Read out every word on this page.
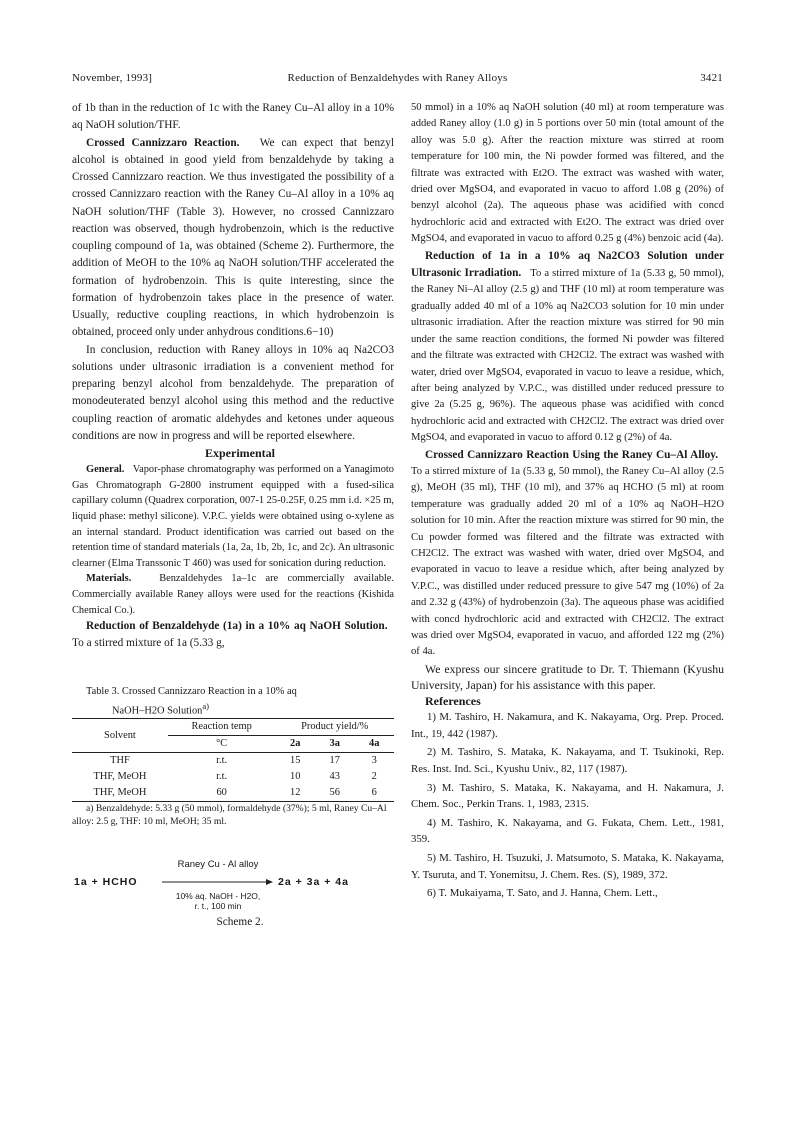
Reduction of Benzaldehydes with Raney Alloys
November, 1993]	3421

of 1b than in the reduction of 1c with the Raney Cu–Al alloy in a 10% aq NaOH solution/THF.

Crossed Cannizzaro Reaction. We can expect that benzyl alcohol is obtained in good yield from benzaldehyde by taking a Crossed Cannizzaro reaction. We thus investigated the possibility of a crossed Cannizzaro reaction with the Raney Cu–Al alloy in a 10% aq NaOH solution/THF (Table 3). However, no crossed Cannizzaro reaction was observed, though hydrobenzoin, which is the reductive coupling compound of 1a, was obtained (Scheme 2). Furthermore, the addition of MeOH to the 10% aq NaOH solution/THF accelerated the formation of hydrobenzoin. This is quite interesting, since the formation of hydrobenzoin takes place in the presence of water. Usually, reductive coupling reactions, in which hydrobenzoin is obtained, proceed only under anhydrous conditions.6−10)

In conclusion, reduction with Raney alloys in 10% aq Na2CO3 solutions under ultrasonic irradiation is a convenient method for preparing benzyl alcohol from benzaldehyde. The preparation of monodeuterated benzyl alcohol using this method and the reductive coupling reaction of aromatic aldehydes and ketones under aqueous conditions are now in progress and will be reported elsewhere.

Experimental

General. Vapor-phase chromatography was performed on a Yanagimoto Gas Chromatograph G-2800 instrument equipped with a fused-silica capillary column (Quadrex corporation, 007-1 25-0.25F, 0.25 mm i.d. ×25 m, liquid phase: methyl silicone). V.P.C. yields were obtained using o-xylene as an internal standard. Product identification was carried out based on the retention time of standard materials (1a, 2a, 1b, 2b, 1c, and 2c). An ultrasonic clearner (Elma Transsonic T 460) was used for sonication during reduction.

Materials.	Benzaldehydes 1a–1c are commercially available. Commercially available Raney alloys were used for the reactions (Kishida Chemical Co.).

Reduction of Benzaldehyde (1a) in a 10% aq NaOH Solution.   To a stirred mixture of 1a (5.33 g,

Table 3. Crossed Cannizzaro Reaction in a 10% aq
NaOH–H2O Solution$^{a)}$

Solvent	Reaction temp	Product yield/%		
	°C	2a	3a	4a
THF	r.t.	15	17	3
THF, MeOH	r.t.	10	43	2
THF, MeOH	60	12	56	6

a) Benzaldehyde: 5.33 g (50 mmol), formaldehyde (37%); 5 ml, Raney Cu–Al alloy: 2.5 g, THF: 10 ml, MeOH; 35 ml.

1a + HCHO
Raney Cu - Al alloy
10% aq. NaOH - H2O,
r. t., 100 min
2a + 3a + 4a

Scheme 2.

50 mmol) in a 10% aq NaOH solution (40 ml) at room temperature was added Raney alloy (1.0 g) in 5 portions over 50 min (total amount of the alloy was 5.0 g). After the reaction mixture was stirred at room temperature for 100 min, the Ni powder formed was filtered, and the filtrate was extracted with Et2O. The extract was washed with water, dried over MgSO4, and evaporated in vacuo to afford 1.08 g (20%) of benzyl alcohol (2a). The aqueous phase was acidified with concd hydrochloric acid and extracted with Et2O. The extract was dried over MgSO4, and evaporated in vacuo to afford 0.25 g (4%) benzoic acid (4a).

Reduction of 1a in a 10% aq Na2CO3 Solution under Ultrasonic Irradiation. To a stirred mixture of 1a (5.33 g, 50 mmol), the Raney Ni–Al alloy (2.5 g) and THF (10 ml) at room temperature was gradually added 40 ml of a 10% aq Na2CO3 solution for 10 min under ultrasonic irradiation. After the reaction mixture was stirred for 90 min under the same reaction conditions, the formed Ni powder was filtered and the filtrate was extracted with CH2Cl2. The extract was washed with water, dried over MgSO4, evaporated in vacuo to leave a residue, which, after being analyzed by V.P.C., was distilled under reduced pressure to give 2a (5.25 g, 96%). The aqueous phase was acidified with concd hydrochloric acid and extracted with CH2Cl2. The extract was dried over MgSO4, and evaporated in vacuo to afford 0.12 g (2%) of 4a.

Crossed Cannizzaro Reaction Using the Raney Cu–Al Alloy.   To a stirred mixture of 1a (5.33 g, 50 mmol), the Raney Cu–Al alloy (2.5 g), MeOH (35 ml), THF (10 ml), and 37% aq HCHO (5 ml) at room temperature was gradually added 20 ml of a 10% aq NaOH–H2O solution for 10 min. After the reaction mixture was stirred for 90 min, the Cu powder formed was filtered and the filtrate was extracted with CH2Cl2. The extract was washed with water, dried over MgSO4, and evaporated in vacuo to leave a residue which, after being analyzed by V.P.C., was distilled under reduced pressure to give 547 mg (10%) of 2a and 2.32 g (43%) of hydrobenzoin (3a). The aqueous phase was acidified with concd hydrochloric acid and extracted with CH2Cl2. The extract was dried over MgSO4, evaporated in vacuo, and afforded 122 mg (2%) of 4a.

We express our sincere gratitude to Dr. T. Thiemann (Kyushu University, Japan) for his assistance with this paper.

References

1) M. Tashiro, H. Nakamura, and K. Nakayama, Org. Prep. Proced. Int., 19, 442 (1987).
2) M. Tashiro, S. Mataka, K. Nakayama, and T. Tsukinoki, Rep. Res. Inst. Ind. Sci., Kyushu Univ., 82, 117 (1987).
3) M. Tashiro, S. Mataka, K. Nakayama, and H. Nakamura, J. Chem. Soc., Perkin Trans. 1, 1983, 2315.
4) M. Tashiro, K. Nakayama, and G. Fukata, Chem. Lett., 1981, 359.
5) M. Tashiro, H. Tsuzuki, J. Matsumoto, S. Mataka, K. Nakayama, Y. Tsuruta, and T. Yonemitsu, J. Chem. Res. (S), 1989, 372.
6) T. Mukaiyama, T. Sato, and J. Hanna, Chem. Lett.,
